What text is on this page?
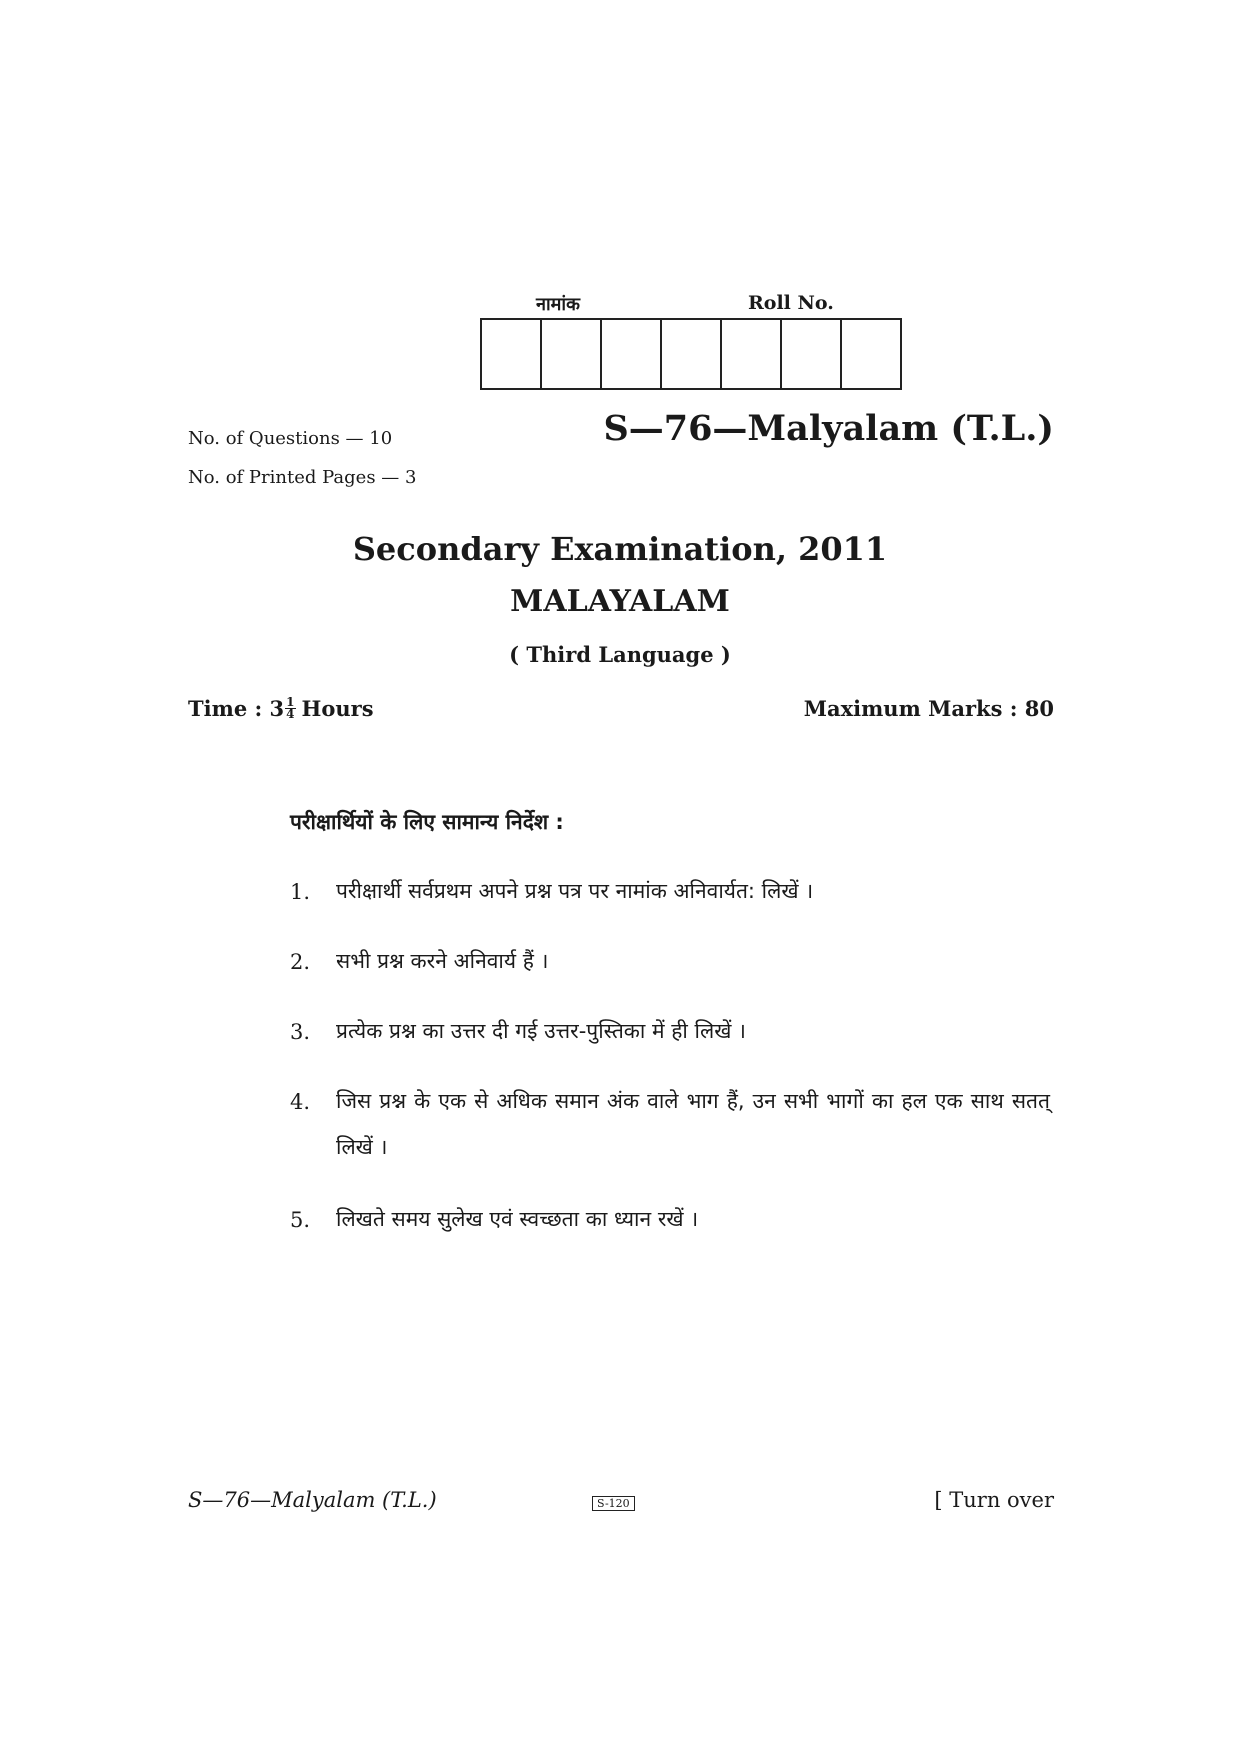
नामांक	Roll No.
No. of Questions — 10
No. of Printed Pages — 3
S—76—Malyalam (T.L.)
Secondary Examination, 2011
MALAYALAM
( Third Language )
Time : $3 \frac{1}{4}$ Hours	Maximum Marks : 80
परीक्षार्थियों के लिए सामान्य निर्देश :
1.	परीक्षार्थी सर्वप्रथम अपने प्रश्न पत्र पर नामांक अनिवार्यत: लिखें ।
2.	सभी प्रश्न करने अनिवार्य हैं ।
3.	प्रत्येक प्रश्न का उत्तर दी गई उत्तर-पुस्तिका में ही लिखें ।
4.	जिस प्रश्न के एक से अधिक समान अंक वाले भाग हैं, उन सभी भागों का हल एक साथ सतत् लिखें ।
5.	लिखते समय सुलेख एवं स्वच्छता का ध्यान रखें ।
S—76—Malyalam (T.L.)	S-120	[ Turn over
